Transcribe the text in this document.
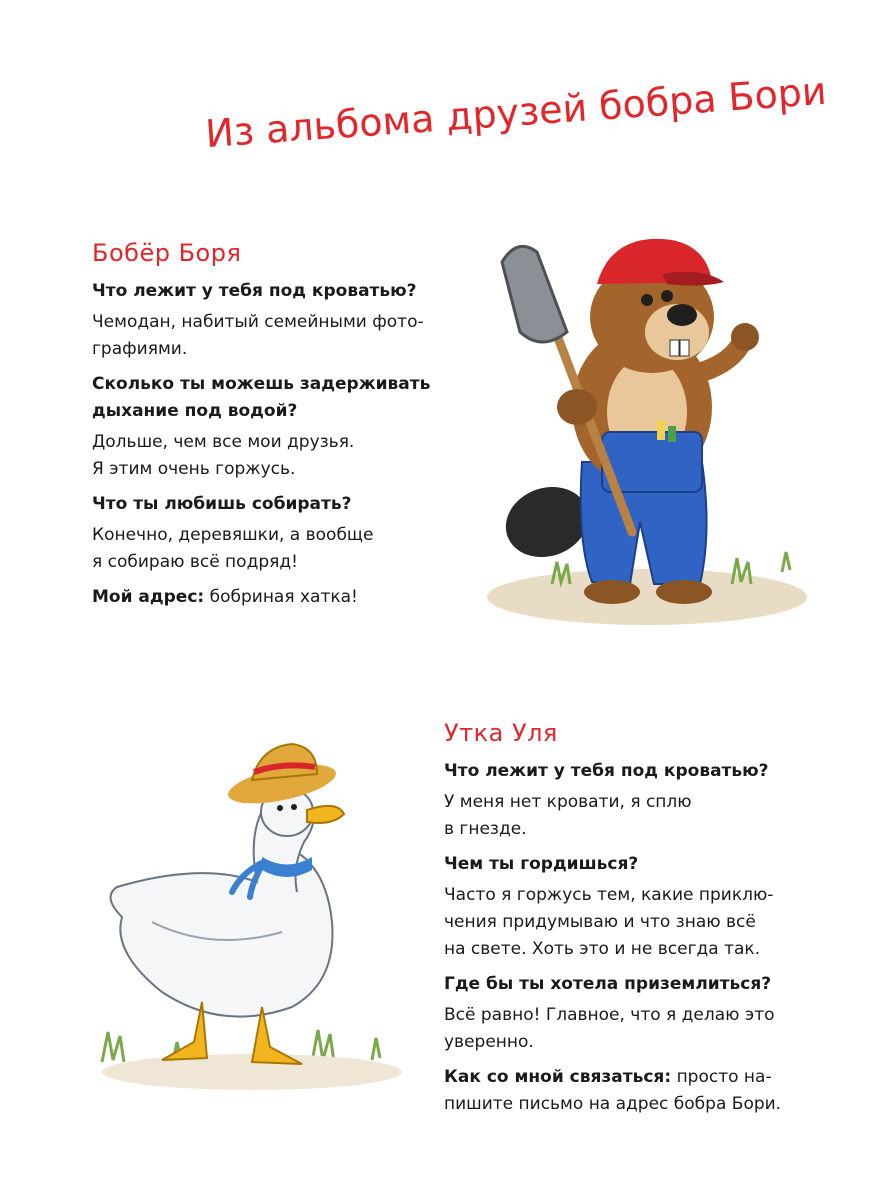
Из альбома друзей бобра Бори
Бобёр Боря

Что лежит у тебя под кроватью?

Чемодан, набитый семейными фото-
графиями.

Сколько ты можешь задерживать
дыхание под водой?

Дольше, чем все мои друзья.
Я этим очень горжусь.

Что ты любишь собирать?

Конечно, деревяшки, а вообще
я собираю всё подряд!

Мой адрес: бобриная хатка!

Утка Уля

Что лежит у тебя под кроватью?

У меня нет кровати, я сплю
в гнезде.

Чем ты гордишься?

Часто я горжусь тем, какие приклю-
чения придумываю и что знаю всё
на свете. Хоть это и не всегда так.

Где бы ты хотела приземлиться?

Всё равно! Главное, что я делаю это
уверенно.

Как со мной связаться: просто на-
пишите письмо на адрес бобра Бори.
